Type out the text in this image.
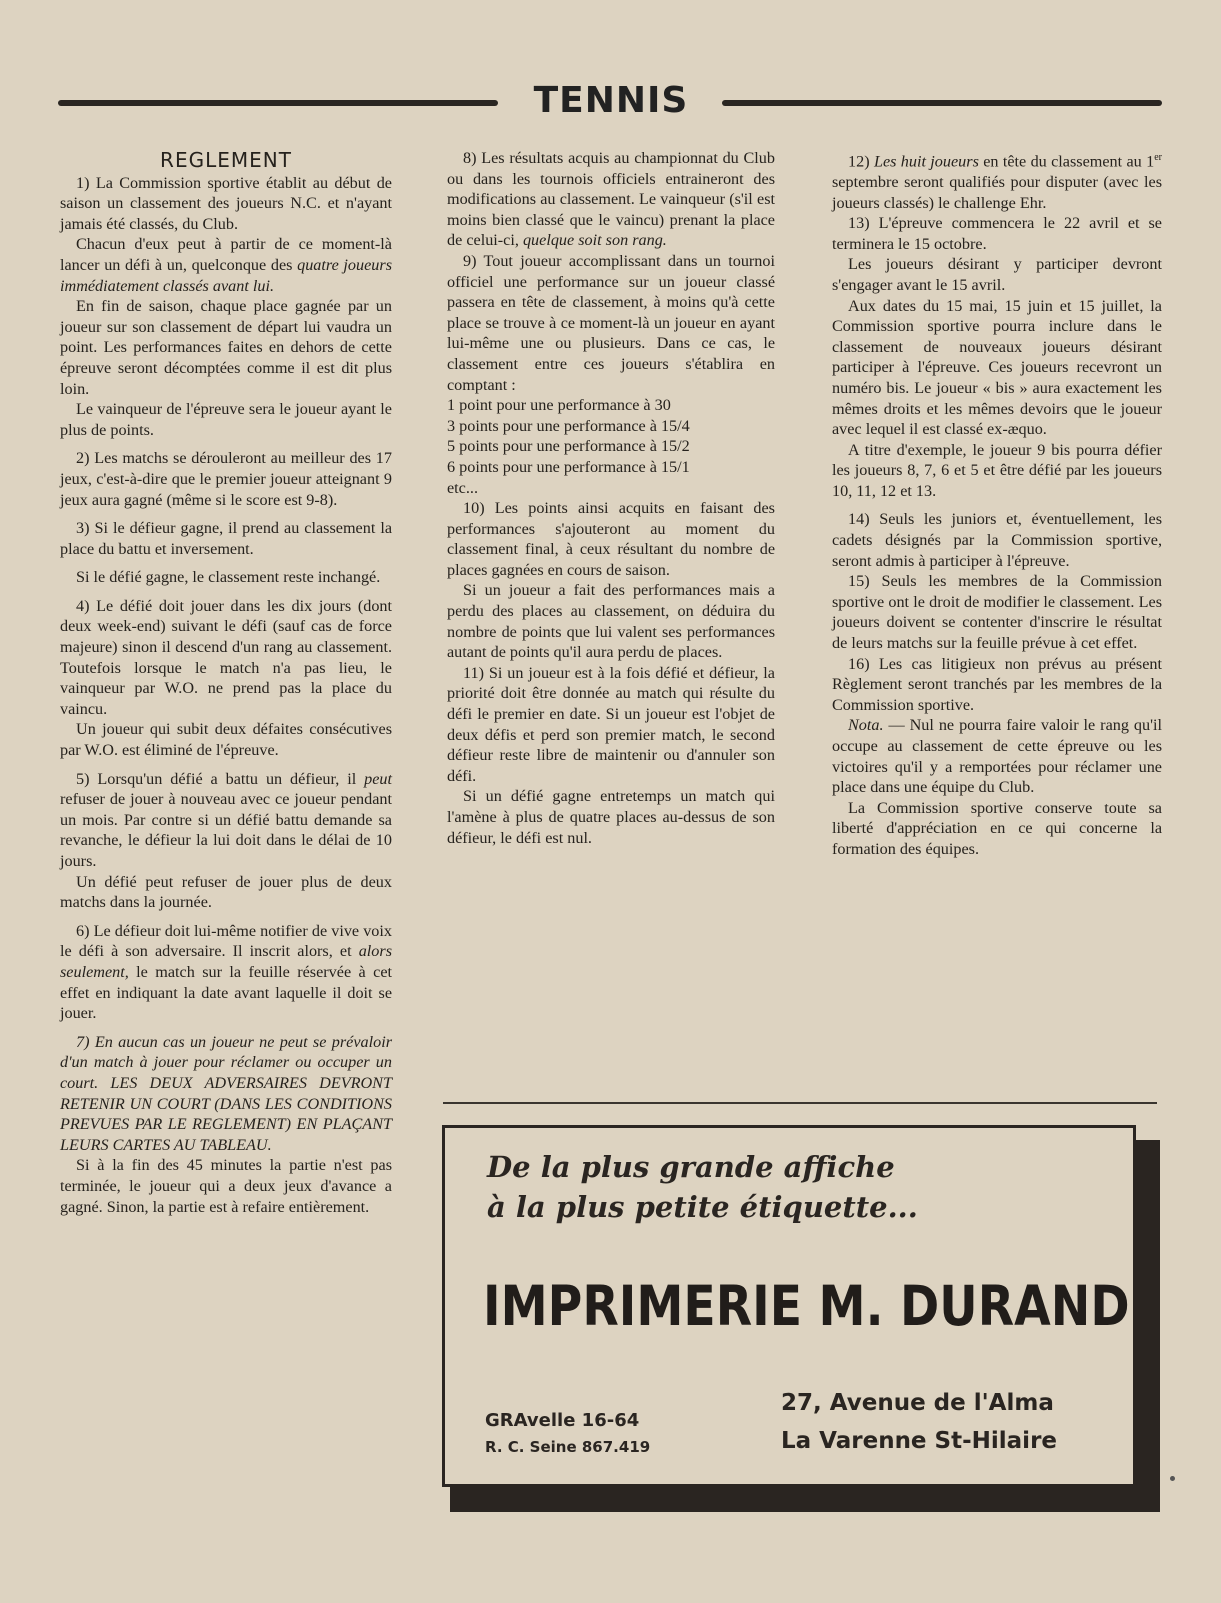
TENNIS
REGLEMENT

1) La Commission sportive établit au début de saison un classement des joueurs N.C. et n'ayant jamais été classés, du Club.

Chacun d'eux peut à partir de ce moment-là lancer un défi à un, quelconque des quatre joueurs immédiatement classés avant lui.

En fin de saison, chaque place gagnée par un joueur sur son classement de départ lui vaudra un point. Les performances faites en dehors de cette épreuve seront décomptées comme il est dit plus loin.

Le vainqueur de l'épreuve sera le joueur ayant le plus de points.

2) Les matchs se dérouleront au meilleur des 17 jeux, c'est-à-dire que le premier joueur atteignant 9 jeux aura gagné (même si le score est 9-8).

3) Si le défieur gagne, il prend au classement la place du battu et inversement.

Si le défié gagne, le classement reste inchangé.

4) Le défié doit jouer dans les dix jours (dont deux week-end) suivant le défi (sauf cas de force majeure) sinon il descend d'un rang au classement. Toutefois lorsque le match n'a pas lieu, le vainqueur par W.O. ne prend pas la place du vaincu.

Un joueur qui subit deux défaites consécutives par W.O. est éliminé de l'épreuve.

5) Lorsqu'un défié a battu un défieur, il peut refuser de jouer à nouveau avec ce joueur pendant un mois. Par contre si un défié battu demande sa revanche, le défieur la lui doit dans le délai de 10 jours.

Un défié peut refuser de jouer plus de deux matchs dans la journée.

6) Le défieur doit lui-même notifier de vive voix le défi à son adversaire. Il inscrit alors, et alors seulement, le match sur la feuille réservée à cet effet en indiquant la date avant laquelle il doit se jouer.

7) En aucun cas un joueur ne peut se prévaloir d'un match à jouer pour réclamer ou occuper un court. LES DEUX ADVERSAIRES DEVRONT RETENIR UN COURT (DANS LES CONDITIONS PREVUES PAR LE REGLEMENT) EN PLAÇANT LEURS CARTES AU TABLEAU.

Si à la fin des 45 minutes la partie n'est pas terminée, le joueur qui a deux jeux d'avance a gagné. Sinon, la partie est à refaire entièrement.

8) Les résultats acquis au championnat du Club ou dans les tournois officiels entraineront des modifications au classement. Le vainqueur (s'il est moins bien classé que le vaincu) prenant la place de celui-ci, quelque soit son rang.

9) Tout joueur accomplissant dans un tournoi officiel une performance sur un joueur classé passera en tête de classement, à moins qu'à cette place se trouve à ce moment-là un joueur en ayant lui-même une ou plusieurs. Dans ce cas, le classement entre ces joueurs s'établira en comptant :

1 point pour une performance à 30

3 points pour une performance à 15/4

5 points pour une performance à 15/2

6 points pour une performance à 15/1

etc...

10) Les points ainsi acquits en faisant des performances s'ajouteront au moment du classement final, à ceux résultant du nombre de places gagnées en cours de saison.

Si un joueur a fait des performances mais a perdu des places au classement, on déduira du nombre de points que lui valent ses performances autant de points qu'il aura perdu de places.

11) Si un joueur est à la fois défié et défieur, la priorité doit être donnée au match qui résulte du défi le premier en date. Si un joueur est l'objet de deux défis et perd son premier match, le second défieur reste libre de maintenir ou d'annuler son défi.

Si un défié gagne entretemps un match qui l'amène à plus de quatre places au-dessus de son défieur, le défi est nul.

12) Les huit joueurs en tête du classement au 1er septembre seront qualifiés pour disputer (avec les joueurs classés) le challenge Ehr.

13) L'épreuve commencera le 22 avril et se terminera le 15 octobre.

Les joueurs désirant y participer devront s'engager avant le 15 avril.

Aux dates du 15 mai, 15 juin et 15 juillet, la Commission sportive pourra inclure dans le classement de nouveaux joueurs désirant participer à l'épreuve. Ces joueurs recevront un numéro bis. Le joueur « bis » aura exactement les mêmes droits et les mêmes devoirs que le joueur avec lequel il est classé ex-æquo.

A titre d'exemple, le joueur 9 bis pourra défier les joueurs 8, 7, 6 et 5 et être défié par les joueurs 10, 11, 12 et 13.

14) Seuls les juniors et, éventuellement, les cadets désignés par la Commission sportive, seront admis à participer à l'épreuve.

15) Seuls les membres de la Commission sportive ont le droit de modifier le classement. Les joueurs doivent se contenter d'inscrire le résultat de leurs matchs sur la feuille prévue à cet effet.

16) Les cas litigieux non prévus au présent Règlement seront tranchés par les membres de la Commission sportive.

Nota. — Nul ne pourra faire valoir le rang qu'il occupe au classement de cette épreuve ou les victoires qu'il y a remportées pour réclamer une place dans une équipe du Club.

La Commission sportive conserve toute sa liberté d'appréciation en ce qui concerne la formation des équipes.

De la plus grande affiche
à la plus petite étiquette...
IMPRIMERIE M. DURAND
GRAvelle 16-64
R. C. Seine 867.419
27, Avenue de l'Alma
La Varenne St-Hilaire
